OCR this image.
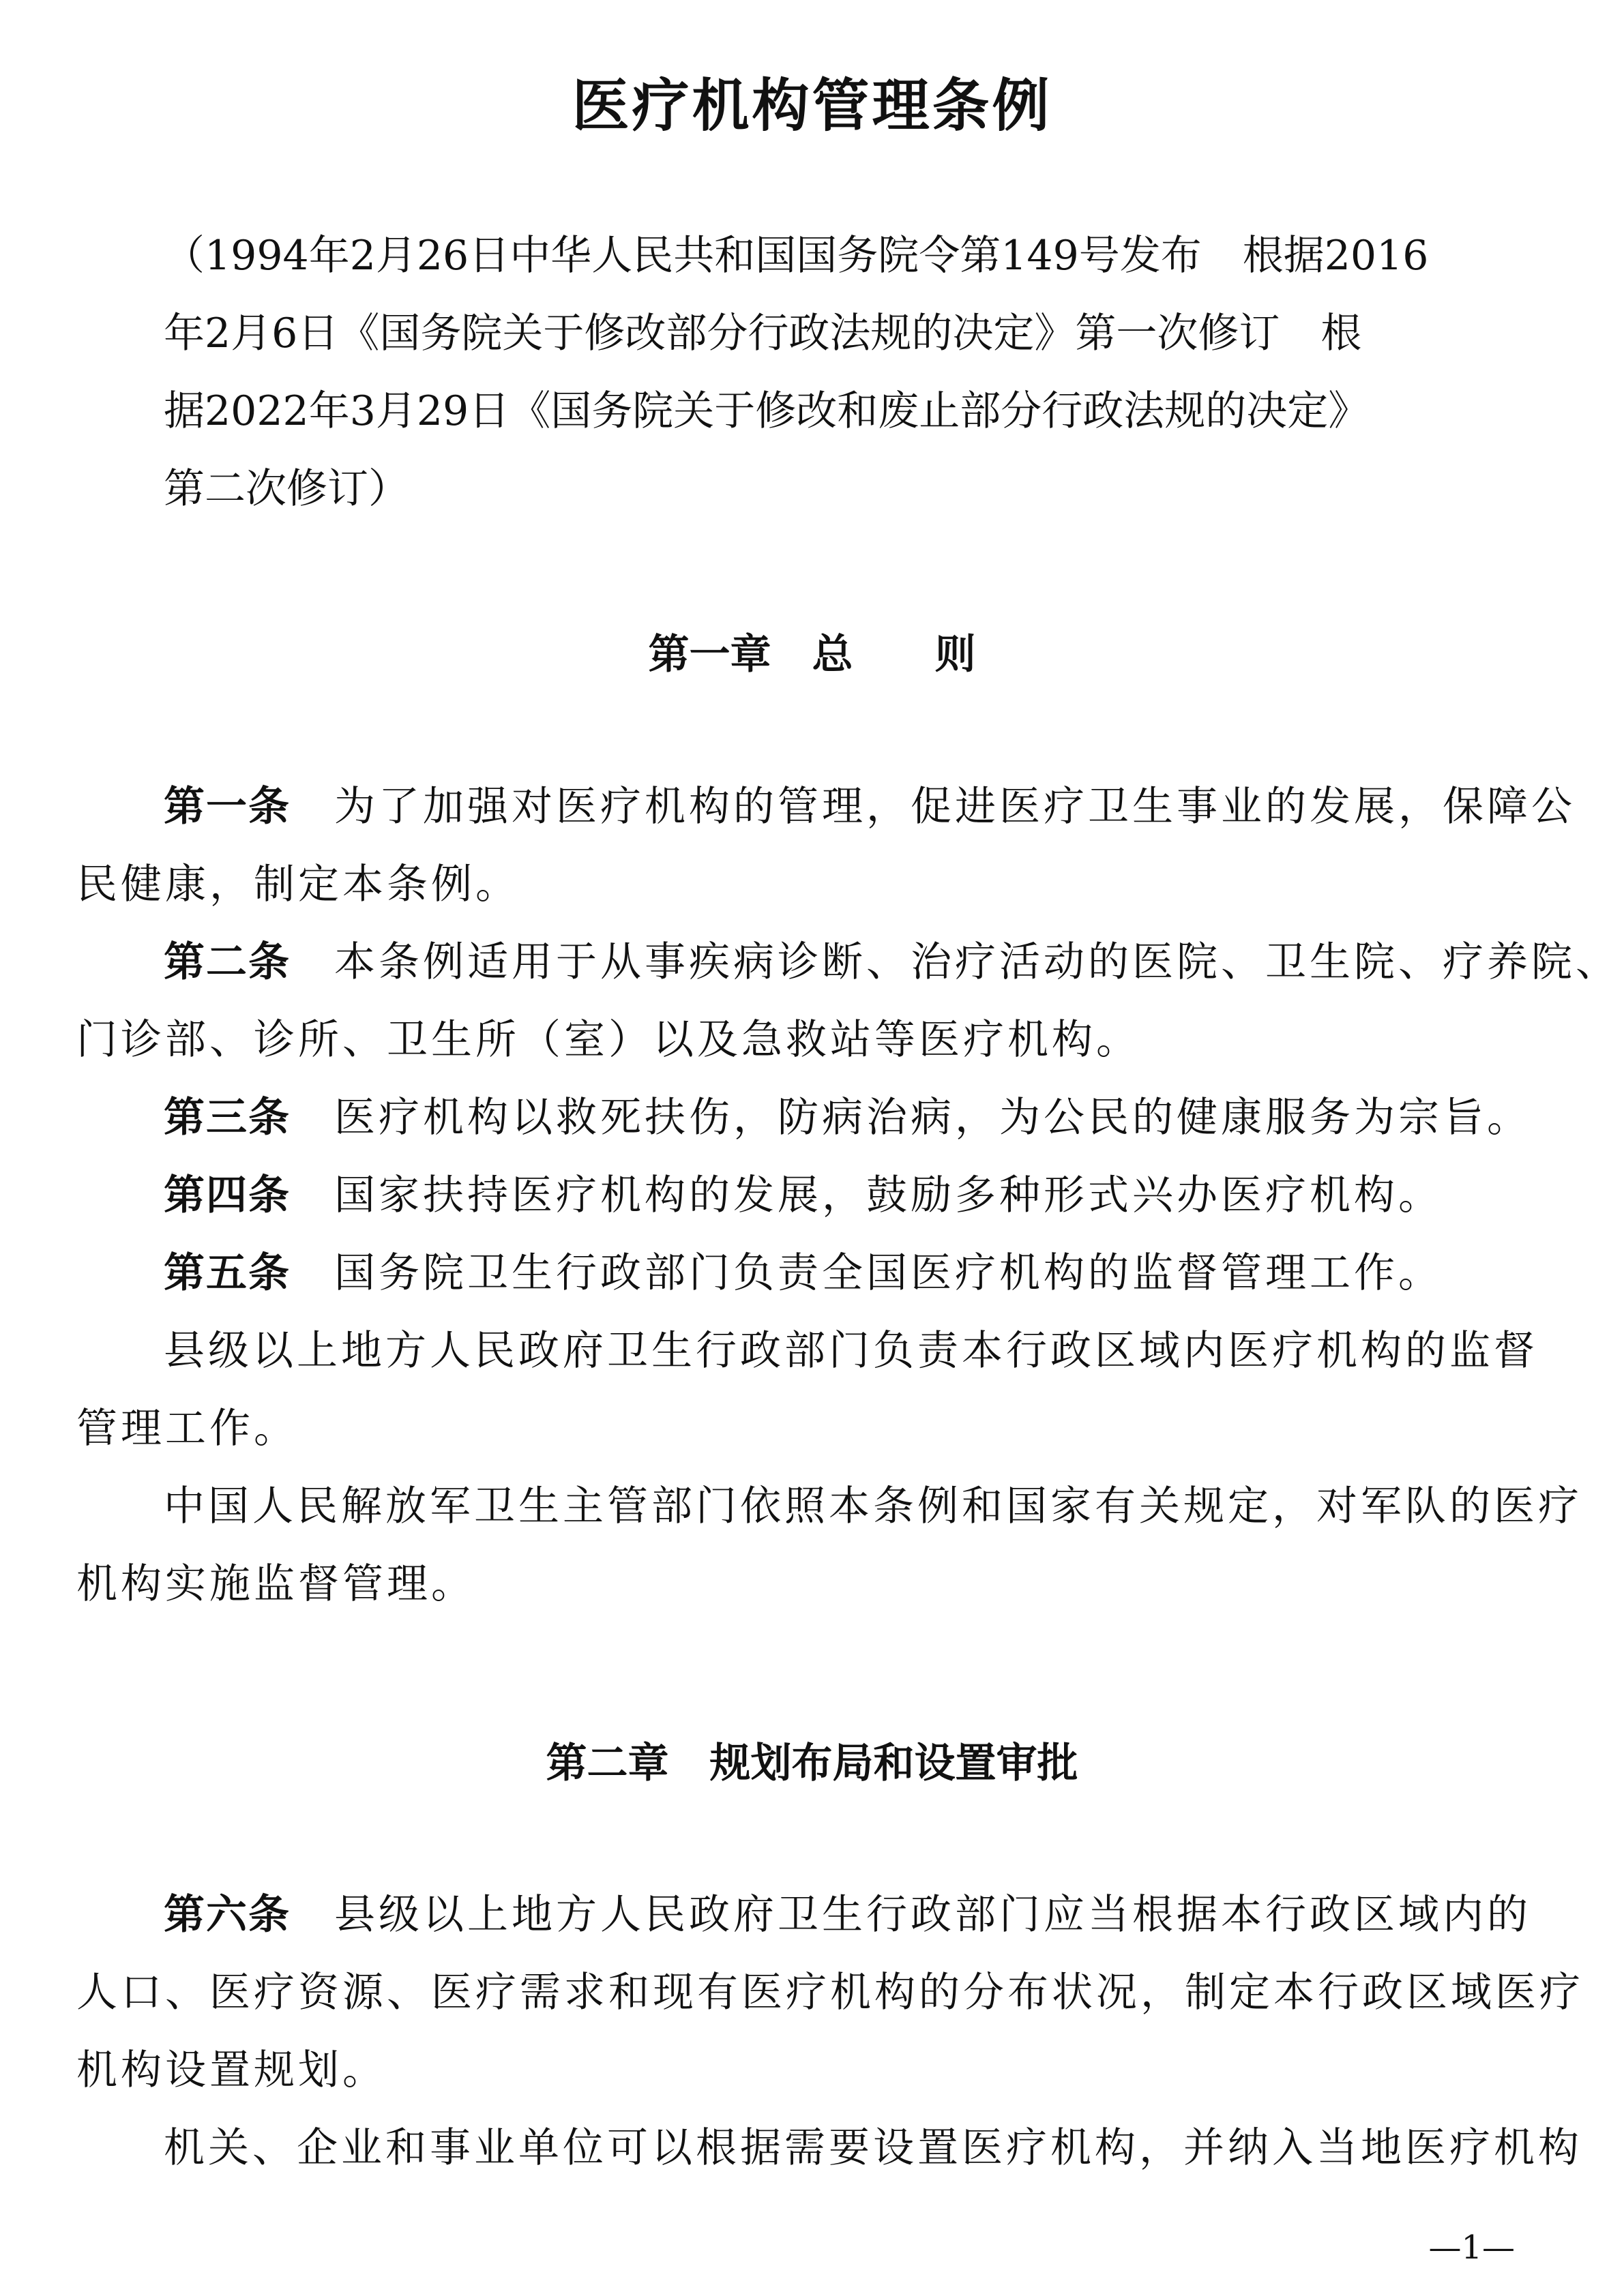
医疗机构管理条例
（1994年2月26日中华人民共和国国务院令第149号发布　根据2016
年2月6日《国务院关于修改部分行政法规的决定》第一次修订　根
据2022年3月29日《国务院关于修改和废止部分行政法规的决定》
第二次修订）
第一章　总　　则
第一条 为了加强对医疗机构的管理，促进医疗卫生事业的发展，保障公
民健康，制定本条例。
第二条 本条例适用于从事疾病诊断、治疗活动的医院、卫生院、疗养院、
门诊部、诊所、卫生所（室）以及急救站等医疗机构。
第三条 医疗机构以救死扶伤，防病治病，为公民的健康服务为宗旨。
第四条 国家扶持医疗机构的发展，鼓励多种形式兴办医疗机构。
第五条 国务院卫生行政部门负责全国医疗机构的监督管理工作。
县级以上地方人民政府卫生行政部门负责本行政区域内医疗机构的监督
管理工作。
中国人民解放军卫生主管部门依照本条例和国家有关规定，对军队的医疗
机构实施监督管理。
第二章　规划布局和设置审批
第六条 县级以上地方人民政府卫生行政部门应当根据本行政区域内的
人口、医疗资源、医疗需求和现有医疗机构的分布状况，制定本行政区域医疗
机构设置规划。
机关、企业和事业单位可以根据需要设置医疗机构，并纳入当地医疗机构

—1—
